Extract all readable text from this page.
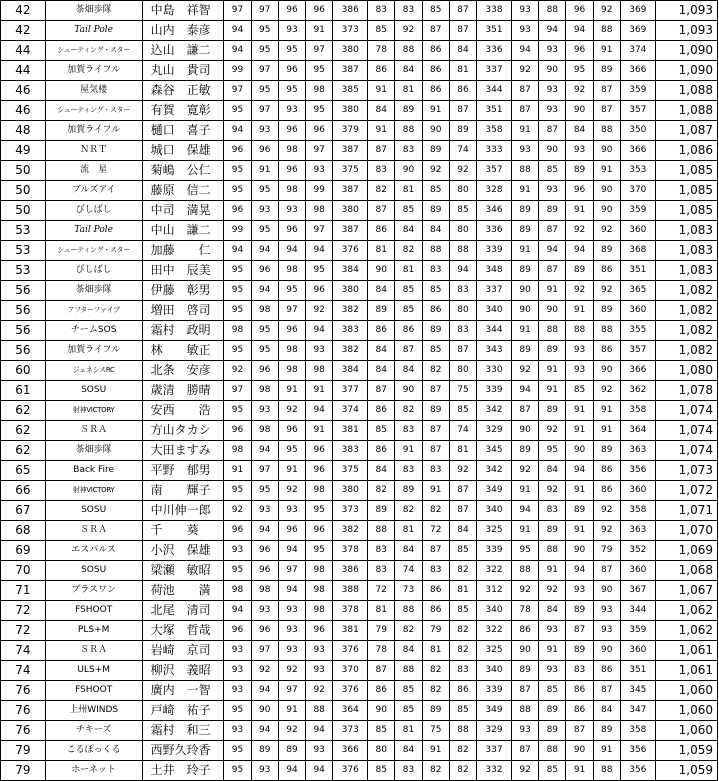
42	茶畑歩隊	中島　祥智	97	97	96	96	386	83	83	85	87	338	93	88	96	92	369	1,093
42	Tail Pole	山内　泰彦	94	95	93	91	373	85	92	87	87	351	93	94	94	88	369	1,093
44	シューティング・スター	込山　謙二	94	95	95	97	380	78	88	86	84	336	94	93	96	91	374	1,090
44	加賀ライフル	丸山　貴司	99	97	96	95	387	86	84	86	81	337	92	90	95	89	366	1,090
46	屋気楼	森谷　正敏	97	95	95	98	385	91	81	86	86	344	87	93	92	87	359	1,088
46	シューティング・スター	有賀　寛彰	95	97	93	95	380	84	89	91	87	351	87	93	90	87	357	1,088
48	加賀ライフル	樋口　喜子	94	93	96	96	379	91	88	90	89	358	91	87	84	88	350	1,087
49	ＮＲＴ	城口　保雄	96	96	98	97	387	87	83	89	74	333	93	90	93	90	366	1,086
50	流　星	菊嶋　公仁	95	91	96	93	375	83	90	92	92	357	88	85	89	91	353	1,085
50	ブルズアイ	藤原　信二	95	95	98	99	387	82	81	85	80	328	91	93	96	90	370	1,085
50	びしばし	中司　満晃	96	93	93	98	380	87	85	89	85	346	89	89	91	90	359	1,085
53	Tail Pole	中山　謙二	99	95	96	97	387	86	84	84	80	336	89	87	92	92	360	1,083
53	シューティング・スター	加藤　　仁	94	94	94	94	376	81	82	88	88	339	91	94	94	89	368	1,083
53	びしばし	田中　辰美	95	96	98	95	384	90	81	83	94	348	89	87	89	86	351	1,083
56	茶畑歩隊	伊藤　彰男	95	94	95	96	380	84	85	85	83	337	90	91	92	92	365	1,082
56	アフターファイブ	増田　啓司	95	98	97	92	382	89	85	86	80	340	90	90	91	89	360	1,082
56	チームSOS	霜村　政明	98	95	96	94	383	86	86	89	83	344	91	88	88	88	355	1,082
56	加賀ライフル	林　　敏正	95	95	98	93	382	84	87	85	87	343	89	89	93	86	357	1,082
60	ジェネシスRC	北条　安彦	92	96	98	98	384	84	84	82	80	330	92	91	93	90	366	1,080
61	SOSU	歳清　勝晴	97	98	91	91	377	87	90	87	75	339	94	91	85	92	362	1,078
62	射神VICTORY	安西　　浩	95	93	92	94	374	86	82	89	85	342	87	89	91	91	358	1,074
62	ＳＲＡ	方山タカシ	96	98	96	91	381	85	83	87	74	329	90	92	91	91	364	1,074
62	茶畑歩隊	大田ますみ	98	94	95	96	383	86	91	87	81	345	89	95	90	89	363	1,074
65	Back Fire	平野　郁男	91	97	91	96	375	84	83	83	92	342	92	84	94	86	356	1,073
66	射神VICTORY	南　　輝子	95	95	92	98	380	82	89	91	87	349	91	92	91	86	360	1,072
67	SOSU	中川伸一郎	92	93	93	95	373	89	82	82	87	340	94	83	89	92	358	1,071
68	ＳＲＡ	千　　葵	96	94	96	96	382	88	81	72	84	325	91	89	91	92	363	1,070
69	エスパルス	小沢　保雄	93	96	94	95	378	83	84	87	85	339	95	88	90	79	352	1,069
70	SOSU	梁瀬　敏昭	95	96	97	98	386	83	74	83	82	322	88	91	94	87	360	1,068
71	ブラスワン	荷池　　満	98	98	94	98	388	72	73	86	81	312	92	92	93	90	367	1,067
72	FSHOOT	北尾　清司	94	93	93	98	378	81	88	86	85	340	78	84	89	93	344	1,062
72	PLS+M	大塚　哲哉	96	96	93	96	381	79	82	79	82	322	86	93	87	93	359	1,062
74	ＳＲＡ	岩崎　京司	93	97	93	93	376	78	84	81	82	325	90	91	89	90	360	1,061
74	ULS+M	柳沢　義昭	93	92	92	93	370	87	88	82	83	340	89	93	83	86	351	1,061
76	FSHOOT	廣内　一智	93	94	97	92	376	86	85	82	86	339	87	85	86	87	345	1,060
76	上州WINDS	戸崎　祐子	95	90	91	88	364	90	85	89	85	349	88	89	86	84	347	1,060
76	チキーズ	霜村　和三	93	94	92	94	373	85	81	75	88	329	93	89	87	89	358	1,060
79	こるぽっくる	西野久玲香	95	89	89	93	366	80	84	91	82	337	87	88	90	91	356	1,059
79	ホーネット	土井　玲子	95	93	94	94	376	85	83	82	82	332	92	85	91	88	356	1,059
